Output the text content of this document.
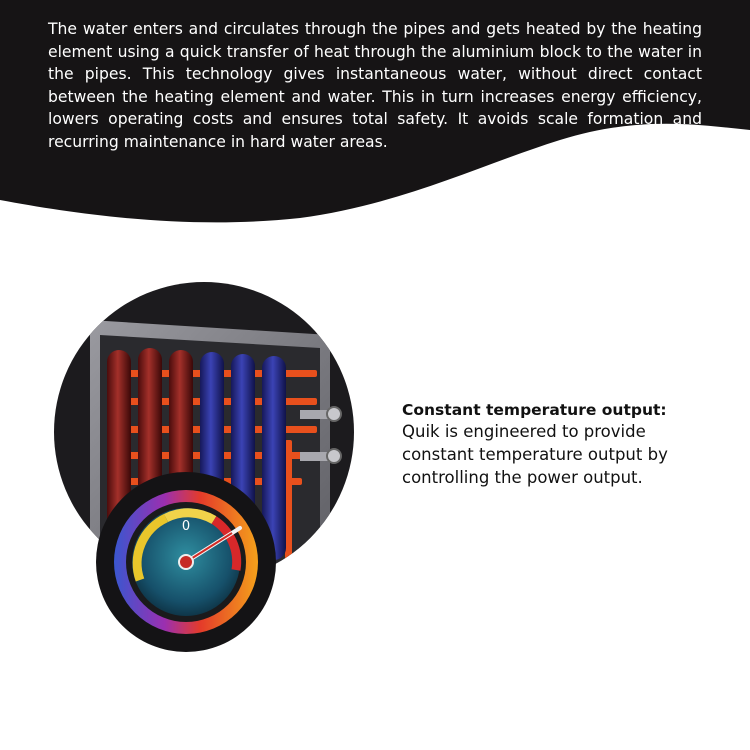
The water enters and circulates through the pipes and gets heated by the heating element using a quick transfer of heat through the aluminium block to the water in the pipes. This technology gives instantaneous water, without direct contact between the heating element and water. This in turn increases energy efficiency, lowers operating costs and ensures total safety. It avoids scale formation and recurring maintenance in hard water areas.

0

Constant temperature output:

Quik is engineered to provide constant temperature output by controlling the power output.
